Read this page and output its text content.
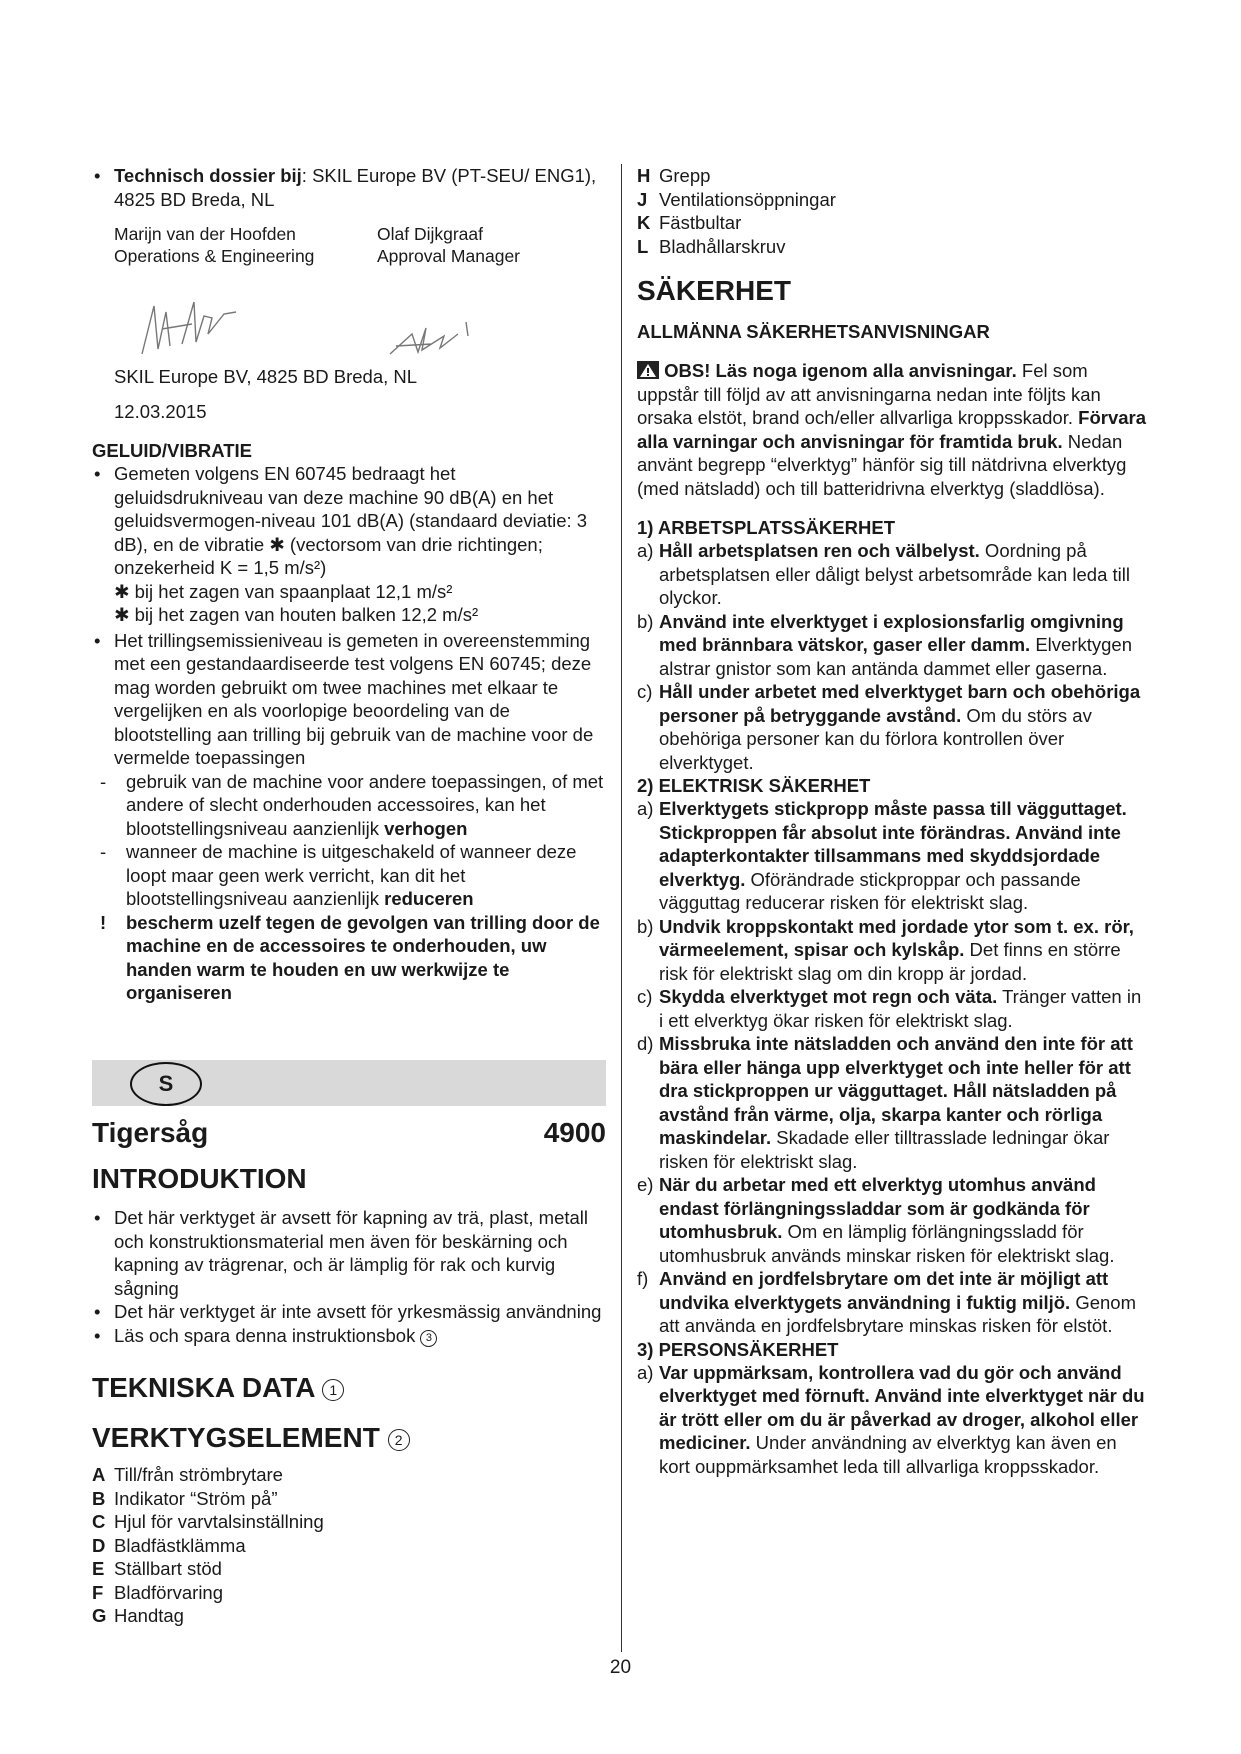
• Technisch dossier bij: SKIL Europe BV (PT-SEU/ ENG1), 4825 BD Breda, NL
Marijn van der Hoofden
Operations & Engineering
Olaf Dijkgraaf
Approval Manager
SKIL Europe BV, 4825 BD Breda, NL
12.03.2015
GELUID/VIBRATIE
• Gemeten volgens EN 60745 bedraagt het geluidsdrukniveau van deze machine 90 dB(A) en het geluidsvermogen-niveau 101 dB(A) (standaard deviatie: 3 dB), en de vibratie ✱ (vectorsom van drie richtingen; onzekerheid K = 1,5 m/s²)
✱ bij het zagen van spaanplaat 12,1 m/s²
✱ bij het zagen van houten balken 12,2 m/s²
• Het trillingsemissieniveau is gemeten in overeenstemming met een gestandaardiseerde test volgens EN 60745; deze mag worden gebruikt om twee machines met elkaar te vergelijken en als voorlopige beoordeling van de blootstelling aan trilling bij gebruik van de machine voor de vermelde toepassingen
-	gebruik van de machine voor andere toepassingen, of met andere of slecht onderhouden accessoires, kan het blootstellingsniveau aanzienlijk verhogen
-	wanneer de machine is uitgeschakeld of wanneer deze loopt maar geen werk verricht, kan dit het blootstellingsniveau aanzienlijk reduceren
!	bescherm uzelf tegen de gevolgen van trilling door de machine en de accessoires te onderhouden, uw handen warm te houden en uw werkwijze te organiseren
S
Tigersåg	4900
INTRODUKTION
• Det här verktyget är avsett för kapning av trä, plast, metall och konstruktionsmaterial men även för beskärning och kapning av trägrenar, och är lämplig för rak och kurvig sågning
• Det här verktyget är inte avsett för yrkesmässig användning
• Läs och spara denna instruktionsbok 3
TEKNISKA DATA 1
VERKTYGSELEMENT 2
A Till/från strömbrytare
B Indikator “Ström på”
C Hjul för varvtalsinställning
D Bladfästklämma
E Ställbart stöd
F Bladförvaring
G Handtag
H Grepp
J Ventilationsöppningar
K Fästbultar
L Bladhållarskruv
SÄKERHET
ALLMÄNNA SÄKERHETSANVISNINGAR
OBS! Läs noga igenom alla anvisningar. Fel som uppstår till följd av att anvisningarna nedan inte följts kan orsaka elstöt, brand och/eller allvarliga kroppsskador. Förvara alla varningar och anvisningar för framtida bruk. Nedan använt begrepp “elverktyg” hänför sig till nätdrivna elverktyg (med nätsladd) och till batteridrivna elverktyg (sladdlösa).
1) ARBETSPLATSSÄKERHET
a) Håll arbetsplatsen ren och välbelyst. Oordning på arbetsplatsen eller dåligt belyst arbetsområde kan leda till olyckor.
b) Använd inte elverktyget i explosionsfarlig omgivning med brännbara vätskor, gaser eller damm. Elverktygen alstrar gnistor som kan antända dammet eller gaserna.
c) Håll under arbetet med elverktyget barn och obehöriga personer på betryggande avstånd. Om du störs av obehöriga personer kan du förlora kontrollen över elverktyget.
2) ELEKTRISK SÄKERHET
a) Elverktygets stickpropp måste passa till vägguttaget. Stickproppen får absolut inte förändras. Använd inte adapterkontakter tillsammans med skyddsjordade elverktyg. Oförändrade stickproppar och passande vägguttag reducerar risken för elektriskt slag.
b) Undvik kroppskontakt med jordade ytor som t. ex. rör, värmeelement, spisar och kylskåp. Det finns en större risk för elektriskt slag om din kropp är jordad.
c) Skydda elverktyget mot regn och väta. Tränger vatten in i ett elverktyg ökar risken för elektriskt slag.
d) Missbruka inte nätsladden och använd den inte för att bära eller hänga upp elverktyget och inte heller för att dra stickproppen ur vägguttaget. Håll nätsladden på avstånd från värme, olja, skarpa kanter och rörliga maskindelar. Skadade eller tilltrasslade ledningar ökar risken för elektriskt slag.
e) När du arbetar med ett elverktyg utomhus använd endast förlängningssladdar som är godkända för utomhusbruk. Om en lämplig förlängningssladd för utomhusbruk används minskar risken för elektriskt slag.
f) Använd en jordfelsbrytare om det inte är möjligt att undvika elverktygets användning i fuktig miljö. Genom att använda en jordfelsbrytare minskas risken för elstöt.
3) PERSONSÄKERHET
a) Var uppmärksam, kontrollera vad du gör och använd elverktyget med förnuft. Använd inte elverktyget när du är trött eller om du är påverkad av droger, alkohol eller mediciner. Under användning av elverktyg kan även en kort ouppmärksamhet leda till allvarliga kroppsskador.
20
